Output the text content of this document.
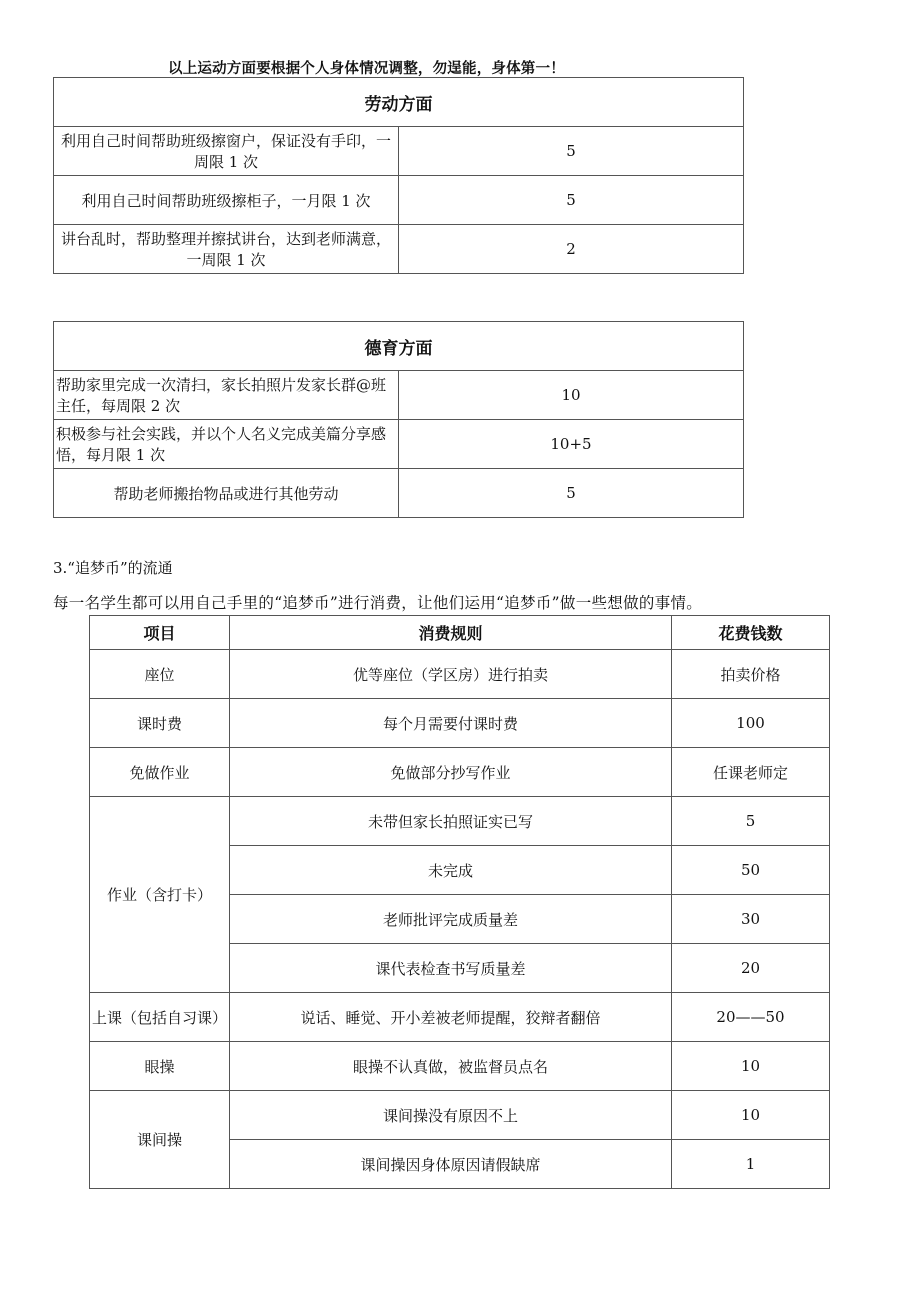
以上运动方面要根据个人身体情况调整，勿逞能，身体第一！
劳动方面	
利用自己时间帮助班级擦窗户，保证没有手印，一周限 1 次	5
利用自己时间帮助班级擦柜子，一月限 1 次	5
讲台乱时，帮助整理并擦拭讲台，达到老师满意，一周限 1 次	2
德育方面	
帮助家里完成一次清扫，家长拍照片发家长群@班主任，每周限 2 次	10
积极参与社会实践，并以个人名义完成美篇分享感悟，每月限 1 次	10+5
帮助老师搬抬物品或进行其他劳动	5
3.“追梦币”的流通
每一名学生都可以用自己手里的“追梦币”进行消费，让他们运用“追梦币”做一些想做的事情。
项目	消费规则	花费钱数
座位	优等座位（学区房）进行拍卖	拍卖价格
课时费	每个月需要付课时费	100
免做作业	免做部分抄写作业	任课老师定
作业（含打卡）	未带但家长拍照证实已写	5
	未完成	50
	老师批评完成质量差	30
	课代表检查书写质量差	20
上课（包括自习课）	说话、睡觉、开小差被老师提醒，狡辩者翻倍	20——50
眼操	眼操不认真做，被监督员点名	10
课间操	课间操没有原因不上	10
	课间操因身体原因请假缺席	1
